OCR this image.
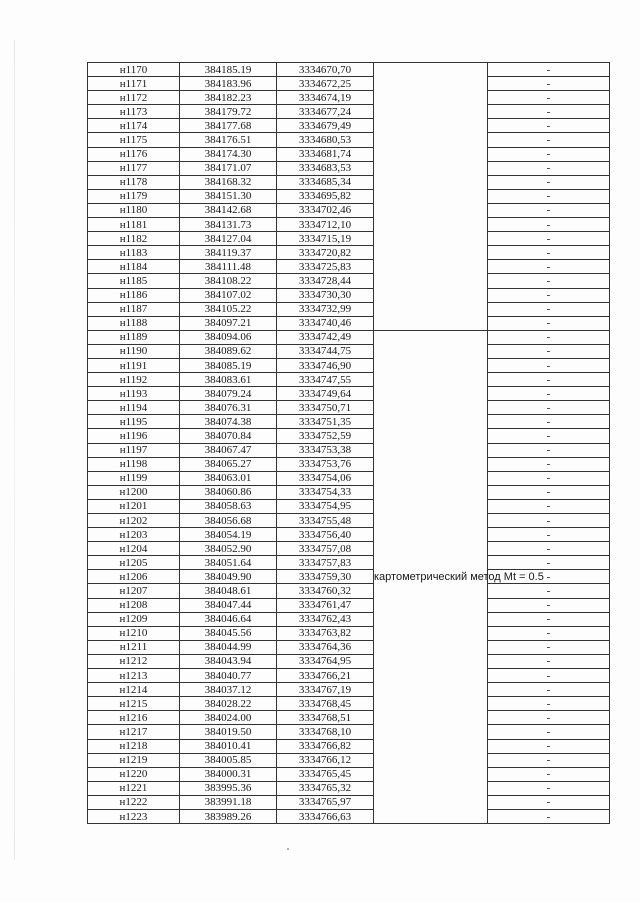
н1170	384185.19	3334670,70		-
н1171	384183.96	3334672,25		-
н1172	384182.23	3334674,19		-
н1173	384179.72	3334677,24		-
н1174	384177.68	3334679,49		-
н1175	384176.51	3334680,53		-
н1176	384174.30	3334681,74		-
н1177	384171.07	3334683,53		-
н1178	384168.32	3334685,34		-
н1179	384151.30	3334695,82		-
н1180	384142.68	3334702,46		-
н1181	384131.73	3334712,10		-
н1182	384127.04	3334715,19		-
н1183	384119.37	3334720,82		-
н1184	384111.48	3334725,83		-
н1185	384108.22	3334728,44		-
н1186	384107.02	3334730,30		-
н1187	384105.22	3334732,99		-
н1188	384097.21	3334740,46		-
н1189	384094.06	3334742,49	картометрический метод Mt = 0.5	-
н1190	384089.62	3334744,75		-
н1191	384085.19	3334746,90		-
н1192	384083.61	3334747,55		-
н1193	384079.24	3334749,64		-
н1194	384076.31	3334750,71		-
н1195	384074.38	3334751,35		-
н1196	384070.84	3334752,59		-
н1197	384067.47	3334753,38		-
н1198	384065.27	3334753,76		-
н1199	384063.01	3334754,06		-
н1200	384060.86	3334754,33		-
н1201	384058.63	3334754,95		-
н1202	384056.68	3334755,48		-
н1203	384054.19	3334756,40		-
н1204	384052.90	3334757,08		-
н1205	384051.64	3334757,83		-
н1206	384049.90	3334759,30		-
н1207	384048.61	3334760,32		-
н1208	384047.44	3334761,47		-
н1209	384046.64	3334762,43		-
н1210	384045.56	3334763,82		-
н1211	384044.99	3334764,36		-
н1212	384043.94	3334764,95		-
н1213	384040.77	3334766,21		-
н1214	384037.12	3334767,19		-
н1215	384028.22	3334768,45		-
н1216	384024.00	3334768,51		-
н1217	384019.50	3334768,10		-
н1218	384010.41	3334766,82		-
н1219	384005.85	3334766,12		-
н1220	384000.31	3334765,45		-
н1221	383995.36	3334765,32		-
н1222	383991.18	3334765,97		-
н1223	383989.26	3334766,63		-
